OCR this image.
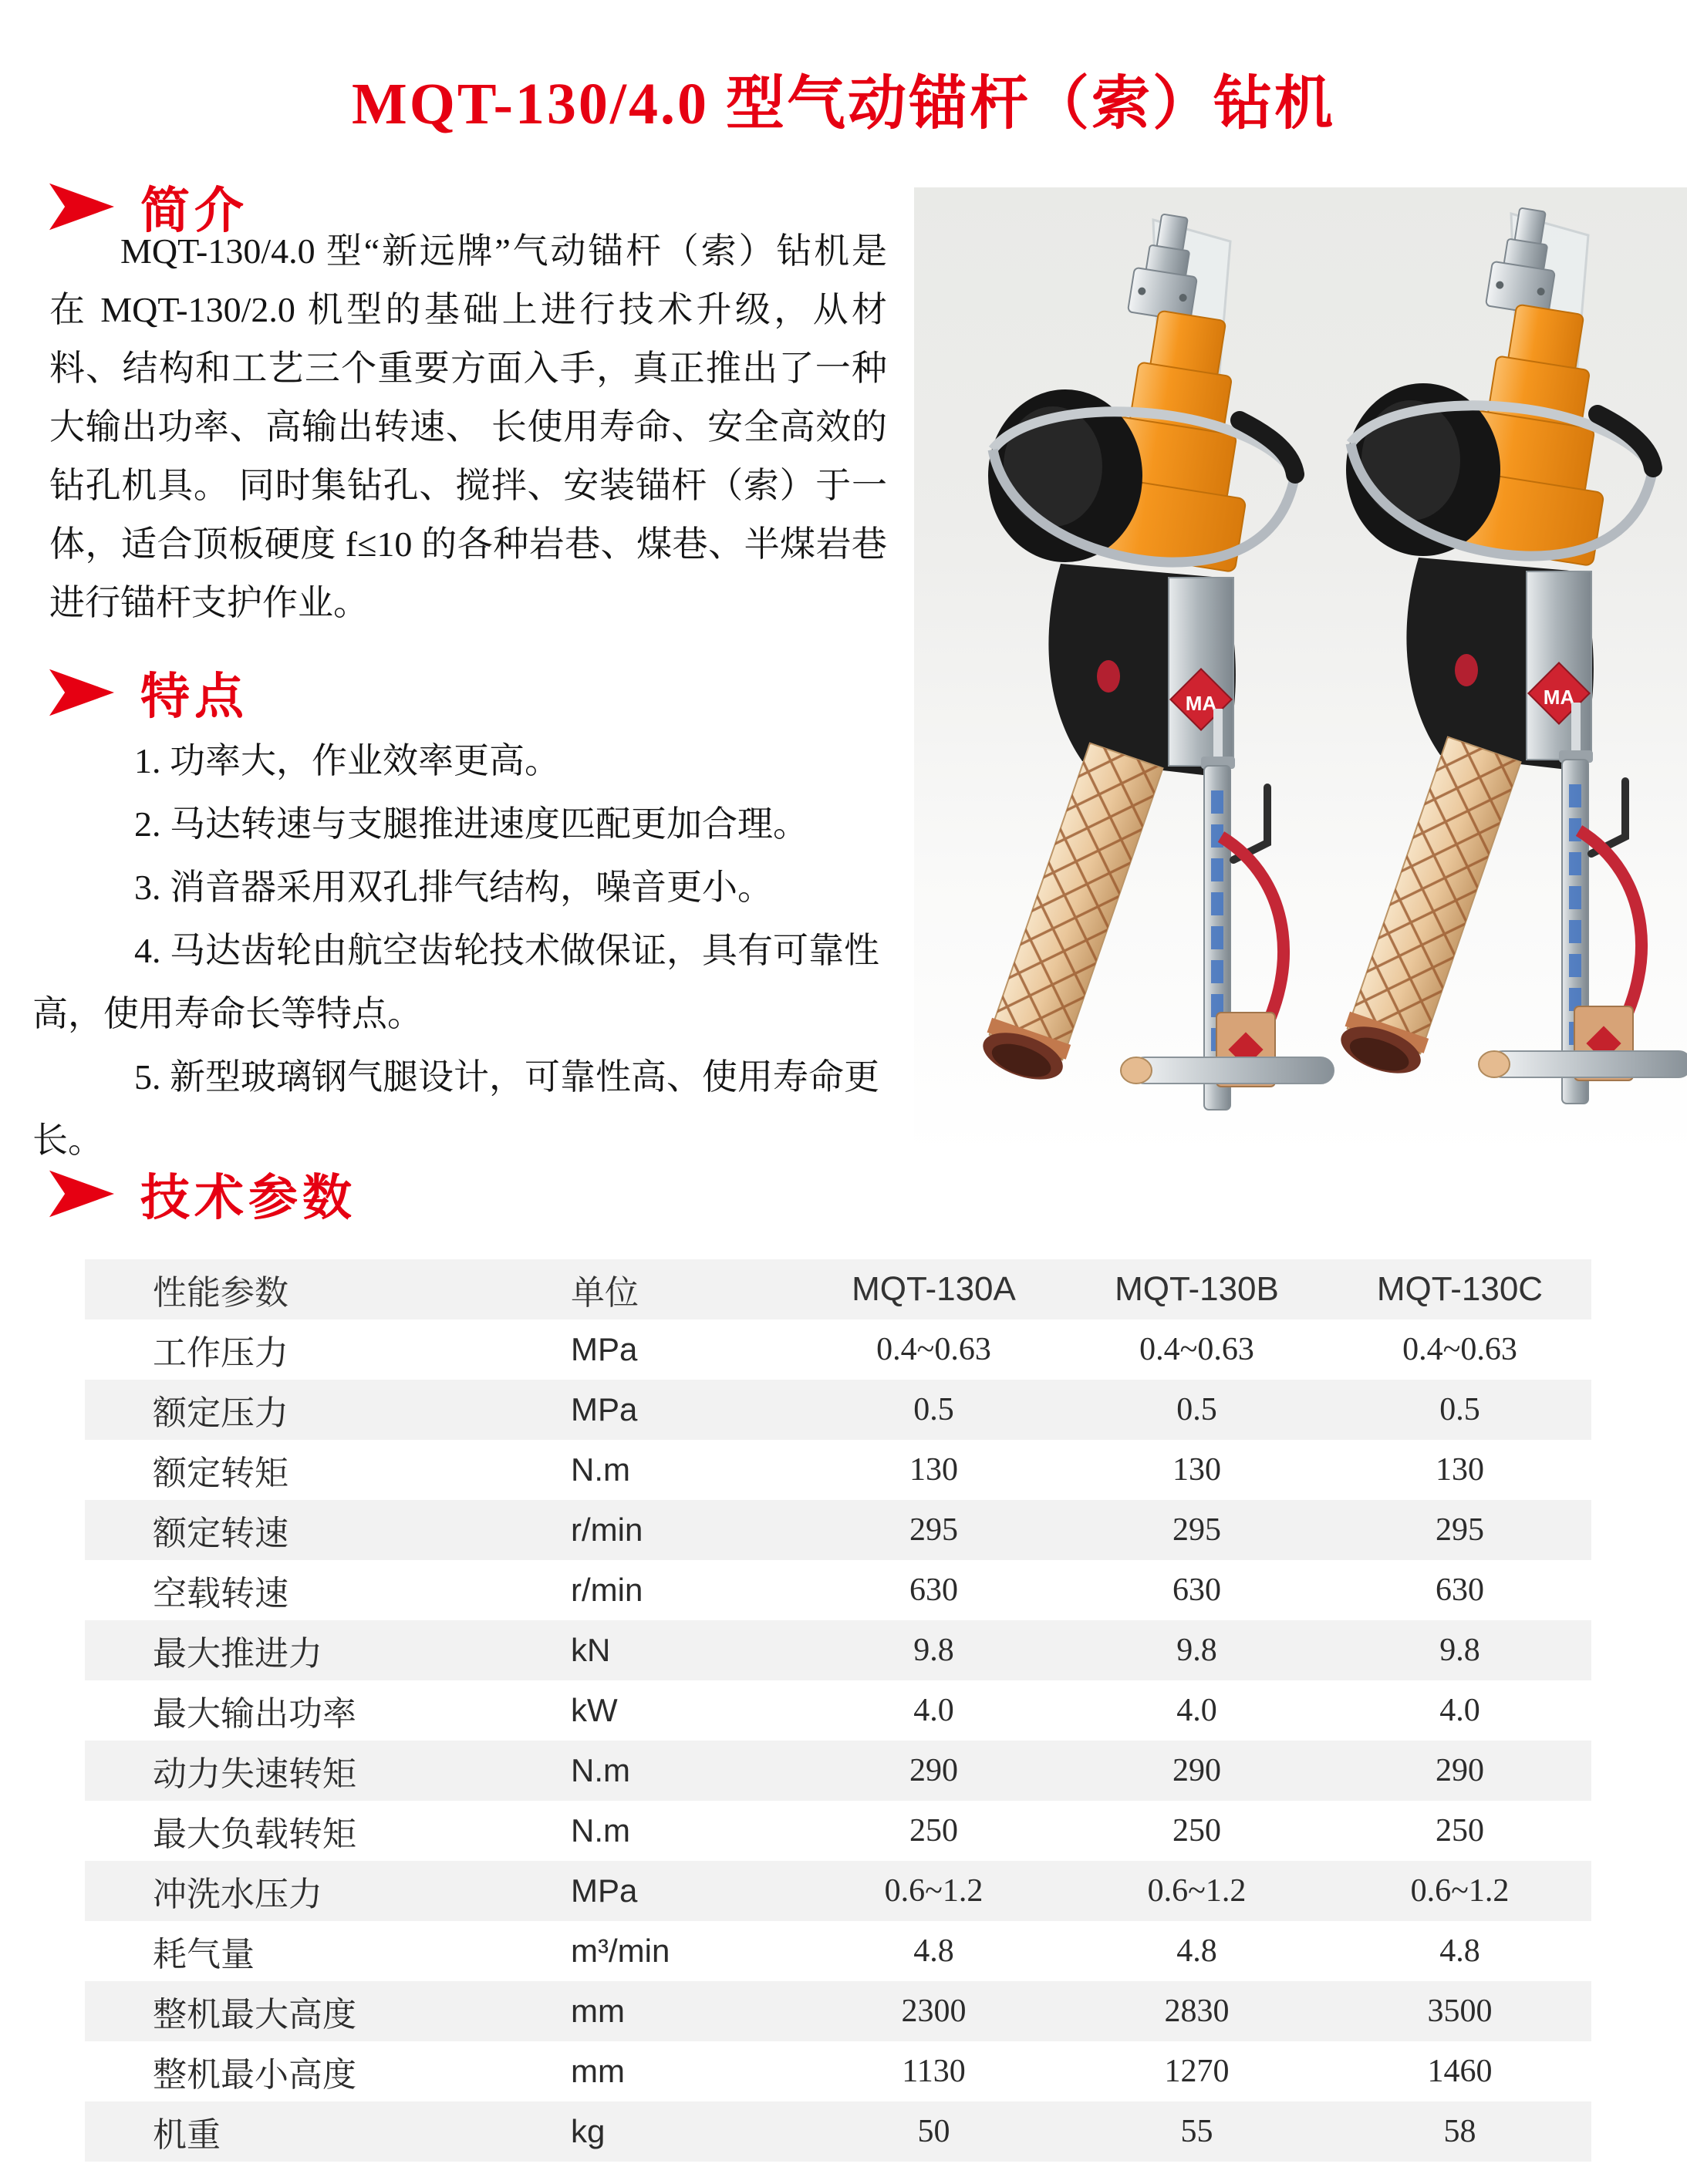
MQT-130/4.0 型气动锚杆（索）钻机
简介

MQT-130/4.0 型“新远牌”气动锚杆（索）钻机是在 MQT-130/2.0 机型的基础上进行技术升级，从材料、结构和工艺三个重要方面入手，真正推出了一种大输出功率、高输出转速、 长使用寿命、安全高效的钻孔机具。 同时集钻孔、搅拌、安装锚杆（索）于一体，适合顶板硬度 f≤10 的各种岩巷、煤巷、半煤岩巷进行锚杆支护作业。

特点

1. 功率大，作业效率更高。

2. 马达转速与支腿推进速度匹配更加合理。

3. 消音器采用双孔排气结构，噪音更小。

4. 马达齿轮由航空齿轮技术做保证，具有可靠性高，使用寿命长等特点。

5. 新型玻璃钢气腿设计，可靠性高、使用寿命更长。

技术参数
性能参数	单位	MQT-130A	MQT-130B	MQT-130C
工作压力	MPa	0.4~0.63	0.4~0.63	0.4~0.63
额定压力	MPa	0.5	0.5	0.5
额定转矩	N.m	130	130	130
额定转速	r/min	295	295	295
空载转速	r/min	630	630	630
最大推进力	kN	9.8	9.8	9.8
最大输出功率	kW	4.0	4.0	4.0
动力失速转矩	N.m	290	290	290
最大负载转矩	N.m	250	250	250
冲洗水压力	MPa	0.6~1.2	0.6~1.2	0.6~1.2
耗气量	m³/min	4.8	4.8	4.8
整机最大高度	mm	2300	2830	3500
整机最小高度	mm	1130	1270	1460
机重	kg	50	55	58
